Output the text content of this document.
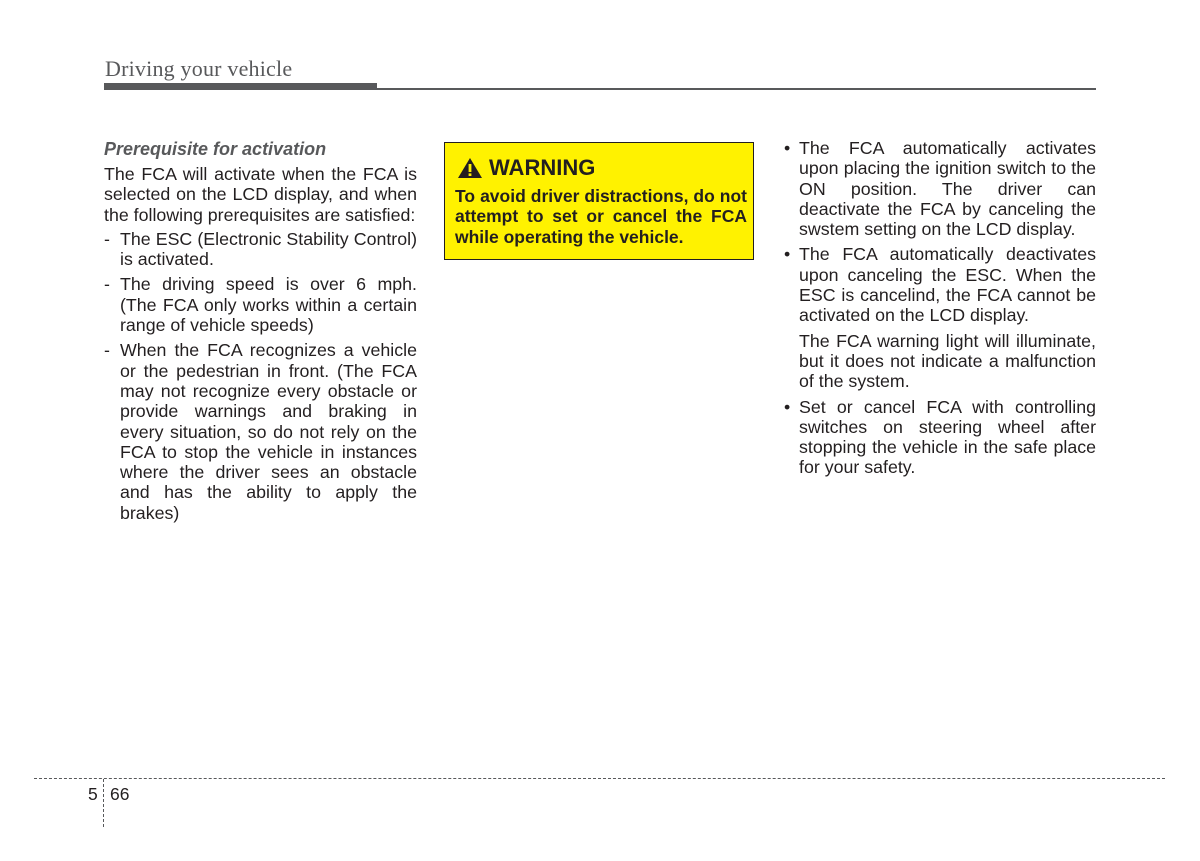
Driving your vehicle

Prerequisite for activation

The FCA will activate when the FCA is selected on the LCD display, and when the following prerequisites are satisfied:

- The ESC (Electronic Stability Control) is activated.
- The driving speed is over 6 mph. (The FCA only works within a certain range of vehicle speeds)
- When the FCA recognizes a vehicle or the pedestrian in front. (The FCA may not recognize every obstacle or provide warnings and braking in every situation, so do not rely on the FCA to stop the vehicle in instances where the driver sees an obstacle and has the ability to apply the brakes)
WARNING

To avoid driver distractions, do not attempt to set or cancel the FCA while operating the vehicle.

• The FCA automatically activates upon placing the ignition switch to the ON position. The driver can deactivate the FCA by canceling the swstem setting on the LCD display.
• The FCA automatically deactivates upon canceling the ESC. When the ESC is cancelind, the FCA cannot be activated on the LCD display.

The FCA warning light will illuminate, but it does not indicate a malfunction of the system.

• Set or cancel FCA with controlling switches on steering wheel after stopping the vehicle in the safe place for your safety.
5 66
